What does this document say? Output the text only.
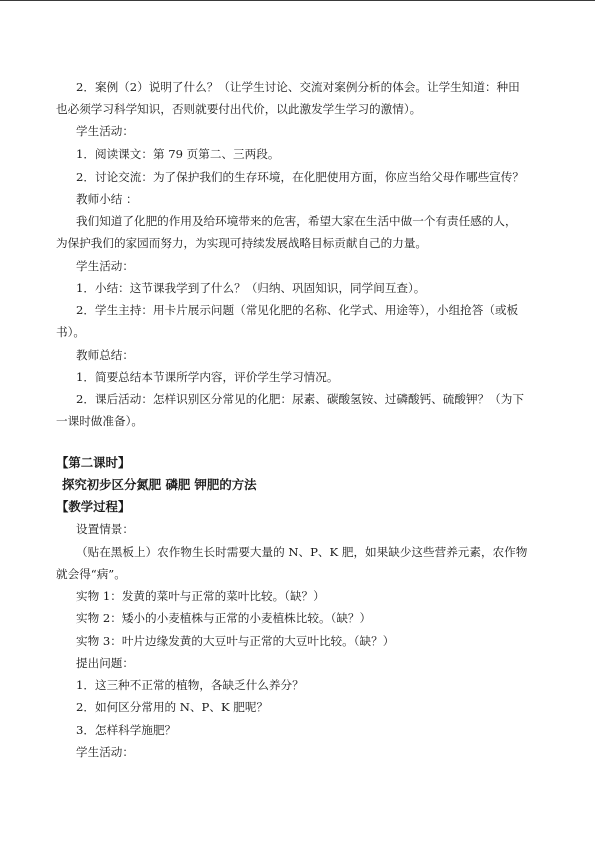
2．案例（2）说明了什么？（让学生讨论、交流对案例分析的体会。让学生知道：种田
也必须学习科学知识，否则就要付出代价，以此激发学生学习的激情）。
学生活动：
1．阅读课文：第 79 页第二、三两段。
2．讨论交流：为了保护我们的生存环境，在化肥使用方面，你应当给父母作哪些宣传？
教师小结 ：
我们知道了化肥的作用及给环境带来的危害，希望大家在生活中做一个有责任感的人，
为保护我们的家园而努力，为实现可持续发展战略目标贡献自己的力量。
学生活动：
1．小结：这节课我学到了什么？（归纳、巩固知识，同学间互查）。
2．学生主持：用卡片展示问题（常见化肥的名称、化学式、用途等），小组抢答（或板
书）。
教师总结：
1．简要总结本节课所学内容，评价学生学习情况。
2．课后活动：怎样识别区分常见的化肥：尿素、碳酸氢铵、过磷酸钙、硫酸钾？（为下
一课时做准备）。
【第二课时】
探究初步区分氮肥 磷肥 钾肥的方法
【教学过程】
设置情景：
（贴在黑板上）农作物生长时需要大量的 N、P、K 肥，如果缺少这些营养元素，农作物
就会得“病”。
实物 1：发黄的菜叶与正常的菜叶比较。（缺？）
实物 2：矮小的小麦植株与正常的小麦植株比较。（缺？）
实物 3：叶片边缘发黄的大豆叶与正常的大豆叶比较。（缺？）
提出问题：
1．这三种不正常的植物，各缺乏什么养分？
2．如何区分常用的 N、P、K 肥呢？
3．怎样科学施肥？
学生活动：
